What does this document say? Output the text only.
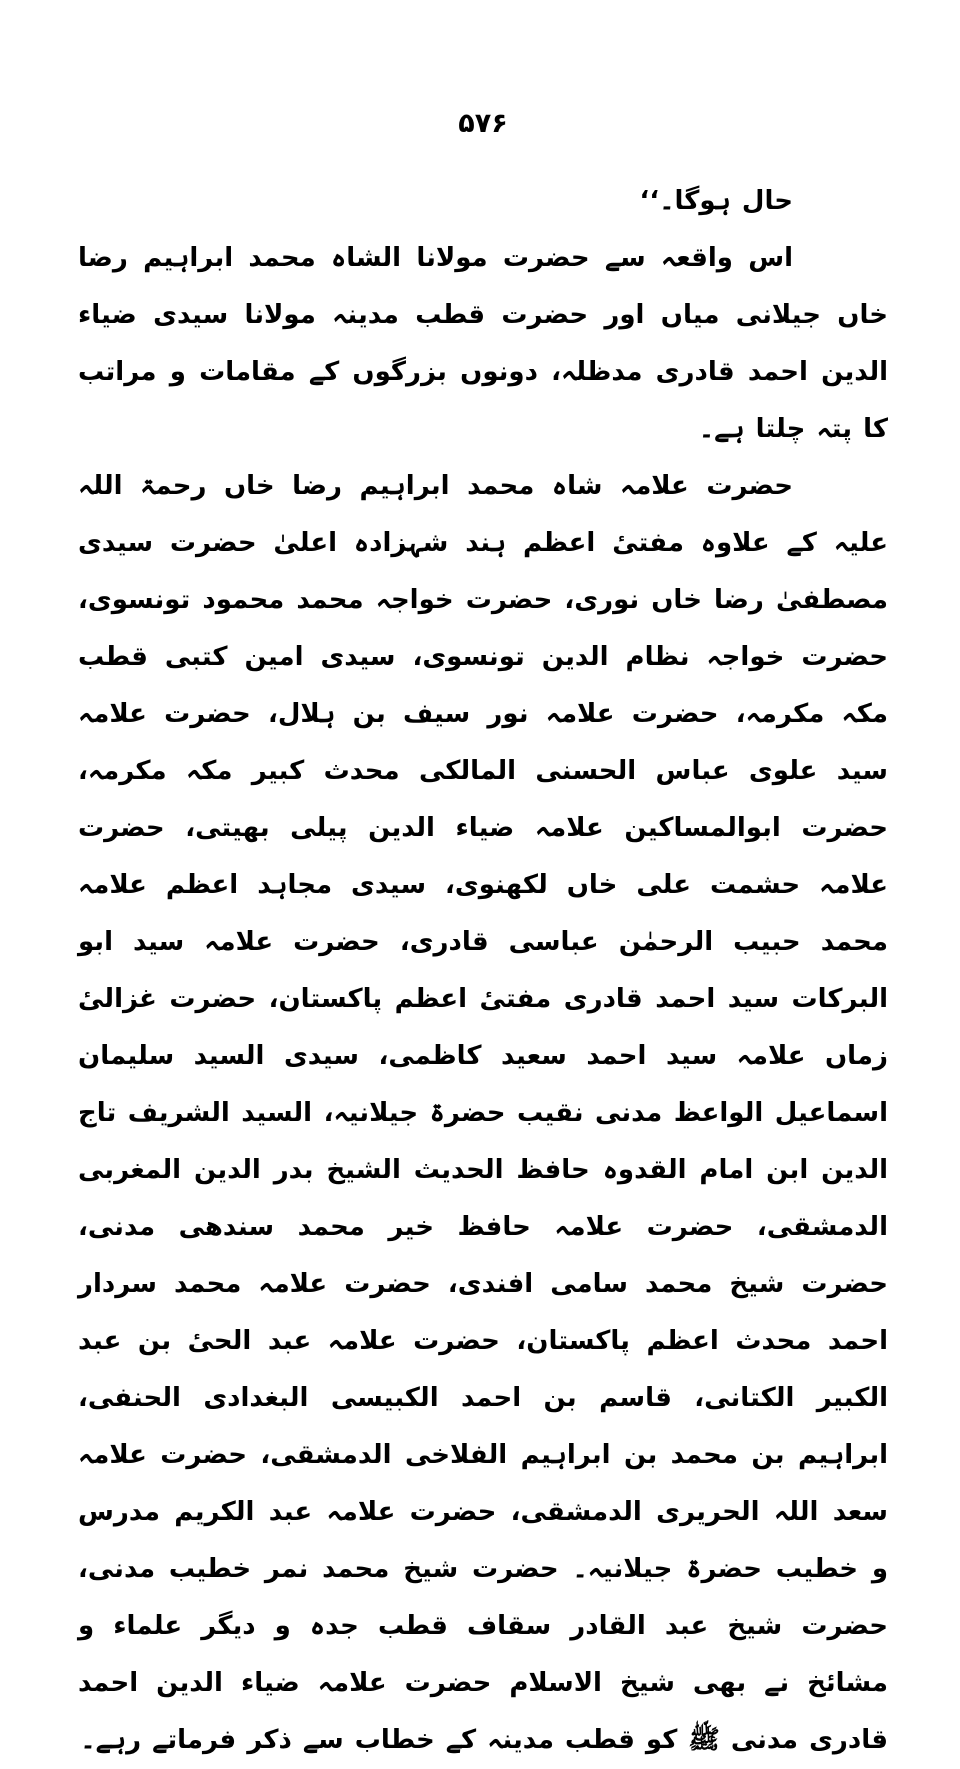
۵۷۶

حال ہوگا۔‘‘

اس واقعہ سے حضرت مولانا الشاہ محمد ابراہیم رضا خاں جیلانی میاں اور حضرت قطب مدینہ مولانا سیدی ضیاء الدین احمد قادری مدظلہ، دونوں بزرگوں کے مقامات و مراتب کا پتہ چلتا ہے۔

حضرت علامہ شاہ محمد ابراہیم رضا خاں رحمۃ اللہ علیہ کے علاوہ مفتیٔ اعظم ہند شہزادہ اعلیٰ حضرت سیدی مصطفیٰ رضا خاں نوری، حضرت خواجہ محمد محمود تونسوی، حضرت خواجہ نظام الدین تونسوی، سیدی امین کتبی قطب مکہ مکرمہ، حضرت علامہ نور سیف بن ہلال، حضرت علامہ سید علوی عباس الحسنی المالکی محدث کبیر مکہ مکرمہ، حضرت ابوالمساکین علامہ ضیاء الدین پیلی بھیتی، حضرت علامہ حشمت علی خاں لکھنوی، سیدی مجاہد اعظم علامہ محمد حبیب الرحمٰن عباسی قادری، حضرت علامہ سید ابو البرکات سید احمد قادری مفتیٔ اعظم پاکستان، حضرت غزالیٔ زماں علامہ سید احمد سعید کاظمی، سیدی السید سلیمان اسماعیل الواعظ مدنی نقیب حضرۃ جیلانیہ، السید الشریف تاج الدین ابن امام القدوہ حافظ الحدیث الشیخ بدر الدین المغربی الدمشقی، حضرت علامہ حافظ خیر محمد سندھی مدنی، حضرت شیخ محمد سامی افندی، حضرت علامہ محمد سردار احمد محدث اعظم پاکستان، حضرت علامہ عبد الحیٔ بن عبد الکبیر الکتانی، قاسم بن احمد الکبیسی البغدادی الحنفی، ابراہیم بن محمد بن ابراہیم الفلاخی الدمشقی، حضرت علامہ سعد اللہ الحریری الدمشقی، حضرت علامہ عبد الکریم مدرس و خطیب حضرۃ جیلانیہ۔ حضرت شیخ محمد نمر خطیب مدنی، حضرت شیخ عبد القادر سقاف قطب جدہ و دیگر علماء و مشائخ نے بھی شیخ الاسلام حضرت علامہ ضیاء الدین احمد قادری مدنی ﷺ کو قطب مدینہ کے خطاب سے ذکر فرماتے رہے۔
